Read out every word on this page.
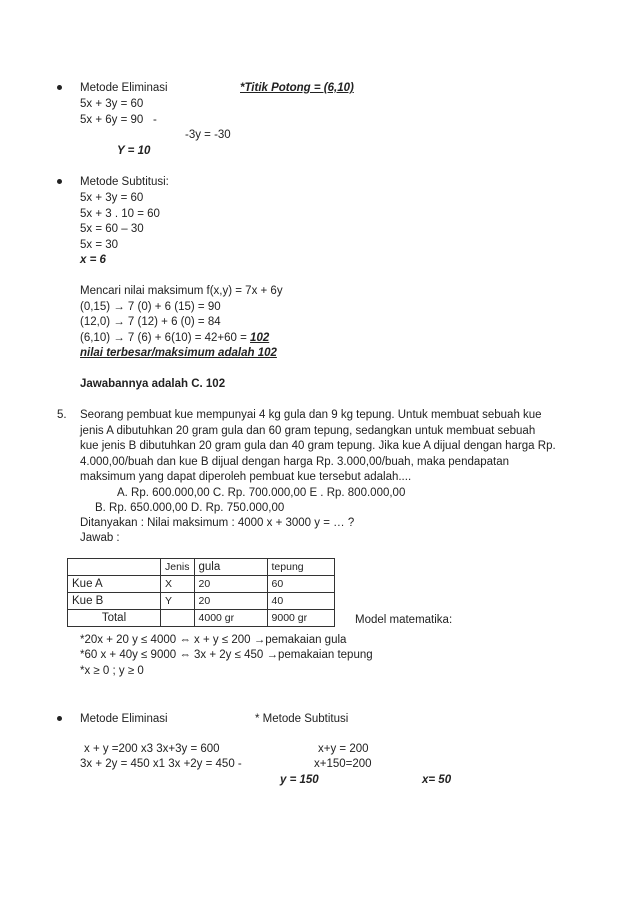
Metode Eliminasi	*Titik Potong = (6,10)
5x + 3y = 60
5x + 6y = 90 -
-3y = -30
Y = 10
Metode Subtitusi:
5x + 3y = 60
5x + 3 . 10 = 60
5x = 60 – 30
5x = 30
x = 6
Mencari nilai maksimum f(x,y) = 7x + 6y
(0,15) → 7 (0) + 6 (15) = 90
(12,0) → 7 (12) + 6 (0) = 84
(6,10) → 7 (6) + 6(10) = 42+60 = 102
nilai terbesar/maksimum adalah 102
Jawabannya adalah C. 102
5. Seorang pembuat kue mempunyai 4 kg gula dan 9 kg tepung. Untuk membuat sebuah kue
jenis A dibutuhkan 20 gram gula dan 60 gram tepung, sedangkan untuk membuat sebuah
kue jenis B dibutuhkan 20 gram gula dan 40 gram tepung. Jika kue A dijual dengan harga Rp.
4.000,00/buah dan kue B dijual dengan harga Rp. 3.000,00/buah, maka pendapatan
maksimum yang dapat diperoleh pembuat kue tersebut adalah....
A. Rp. 600.000,00 C. Rp. 700.000,00 E . Rp. 800.000,00
B. Rp. 650.000,00 D. Rp. 750.000,00
Ditanyakan : Nilai maksimum : 4000 x + 3000 y = … ?
Jawab :
	Jenis	gula	tepung
Kue A	X	20	60
Kue B	Y	20	40
Total		4000 gr	9000 gr	Model matematika:
*20x + 20 y ≤ 4000 ⇔ x + y ≤ 200 →pemakaian gula
*60 x + 40y ≤ 9000 ⇔ 3x + 2y ≤ 450 →pemakaian tepung
*x ≥ 0 ; y ≥ 0
Metode Eliminasi	* Metode Subtitusi
x + y =200 x3 3x+3y = 600
3x + 2y = 450 x1 3x +2y = 450 -
x+y = 200
x+150=200
y = 150	x= 50
